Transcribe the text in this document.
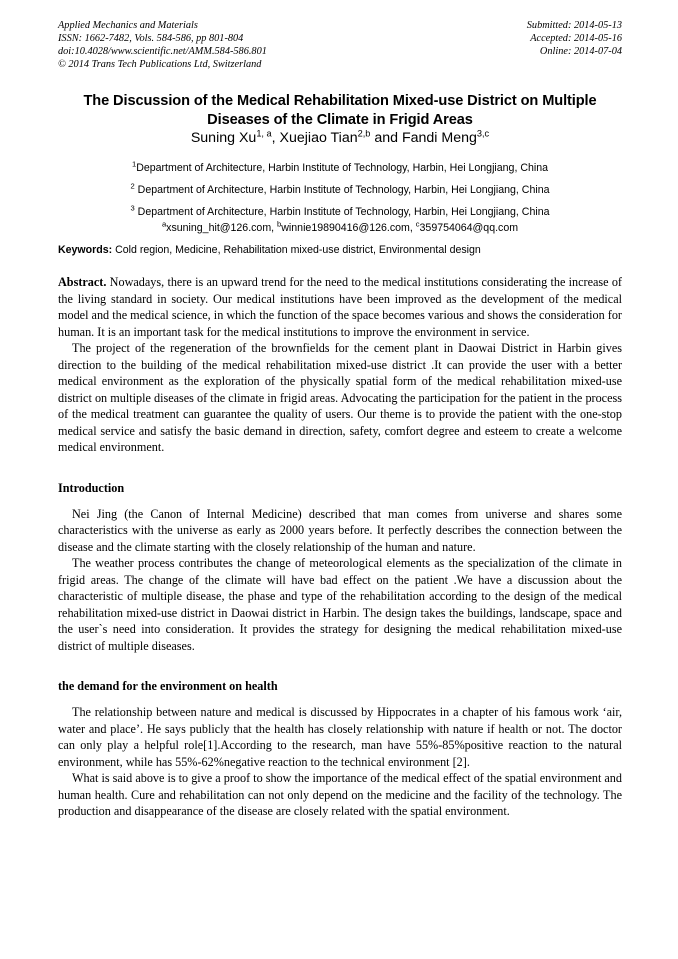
Applied Mechanics and Materials	Submitted: 2014-05-13
ISSN: 1662-7482, Vols. 584-586, pp 801-804	Accepted: 2014-05-16
doi:10.4028/www.scientific.net/AMM.584-586.801	Online: 2014-07-04
© 2014 Trans Tech Publications Ltd, Switzerland
The Discussion of the Medical Rehabilitation Mixed-use District on Multiple Diseases of the Climate in Frigid Areas
Suning Xu$^{1, a}$, Xuejiao Tian$^{2,b}$ and Fandi Meng$^{3,c}$
$^1$Department of Architecture, Harbin Institute of Technology, Harbin, Hei Longjiang, China
$^2$ Department of Architecture, Harbin Institute of Technology, Harbin, Hei Longjiang, China
$^3$ Department of Architecture, Harbin Institute of Technology, Harbin, Hei Longjiang, China
$^a$xsuning_hit@126.com, $^b$winnie19890416@126.com, $^c$359754064@qq.com
Keywords: Cold region, Medicine, Rehabilitation mixed-use district, Environmental design

Abstract. Nowadays, there is an upward trend for the need to the medical institutions considerating the increase of the living standard in society. Our medical institutions have been improved as the development of the medical model and the medical science, in which the function of the space becomes various and shows the consideration for human. It is an important task for the medical institutions to improve the environment in service.

The project of the regeneration of the brownfields for the cement plant in Daowai District in Harbin gives direction to the building of the medical rehabilitation mixed-use district .It can provide the user with a better medical environment as the exploration of the physically spatial form of the medical rehabilitation mixed-use district on multiple diseases of the climate in frigid areas. Advocating the participation for the patient in the process of the medical treatment can guarantee the quality of users. Our theme is to provide the patient with the one-stop medical service and satisfy the basic demand in direction, safety, comfort degree and esteem to create a welcome medical environment.

Introduction

Nei Jing (the Canon of Internal Medicine) described that man comes from universe and shares some characteristics with the universe as early as 2000 years before. It perfectly describes the connection between the disease and the climate starting with the closely relationship of the human and nature.

The weather process contributes the change of meteorological elements as the specialization of the climate in frigid areas. The change of the climate will have bad effect on the patient .We have a discussion about the characteristic of multiple disease, the phase and type of the rehabilitation according to the design of the medical rehabilitation mixed-use district in Daowai district in Harbin. The design takes the buildings, landscape, space and the user`s need into consideration. It provides the strategy for designing the medical rehabilitation mixed-use district of multiple diseases.

the demand for the environment on health

The relationship between nature and medical is discussed by Hippocrates in a chapter of his famous work ‘air, water and place’. He says publicly that the health has closely relationship with nature if health or not. The doctor can only play a helpful role[1].According to the research, man have 55%-85%positive reaction to the natural environment, while has 55%-62%negative reaction to the technical environment [2].

What is said above is to give a proof to show the importance of the medical effect of the spatial environment and human health. Cure and rehabilitation can not only depend on the medicine and the facility of the technology. The production and disappearance of the disease are closely related with the spatial environment.
